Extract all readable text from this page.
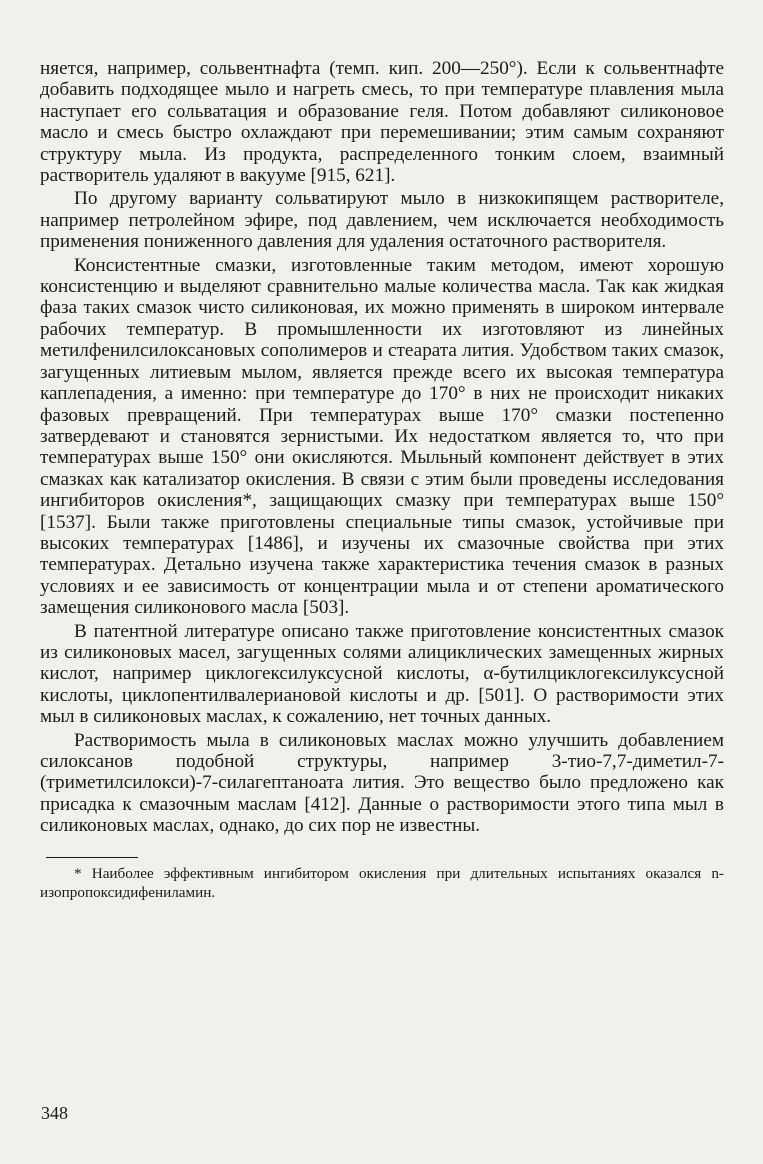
няется, например, сольвентнафта (темп. кип. 200—250°). Если к сольвентнафте добавить подходящее мыло и нагреть смесь, то при температуре плавления мыла наступает его сольватация и образование геля. Потом добавляют силиконовое масло и смесь быстро охлаждают при перемешивании; этим самым сохраняют структуру мыла. Из продукта, распределенного тонким слоем, взаимный растворитель удаляют в вакууме [915, 621].

По другому варианту сольватируют мыло в низкокипящем растворителе, например петролейном эфире, под давлением, чем исключается необходимость применения пониженного давления для удаления остаточного растворителя.

Консистентные смазки, изготовленные таким методом, имеют хорошую консистенцию и выделяют сравнительно малые количества масла. Так как жидкая фаза таких смазок чисто силиконовая, их можно применять в широком интервале рабочих температур. В промышленности их изготовляют из линейных метилфенилсилоксановых сополимеров и стеарата лития. Удобством таких смазок, загущенных литиевым мылом, является прежде всего их высокая температура каплепадения, а именно: при температуре до 170° в них не происходит никаких фазовых превращений. При температурах выше 170° смазки постепенно затвердевают и становятся зернистыми. Их недостатком является то, что при температурах выше 150° они окисляются. Мыльный компонент действует в этих смазках как катализатор окисления. В связи с этим были проведены исследования ингибиторов окисления*, защищающих смазку при температурах выше 150° [1537]. Были также приготовлены специальные типы смазок, устойчивые при высоких температурах [1486], и изучены их смазочные свойства при этих температурах. Детально изучена также характеристика течения смазок в разных условиях и ее зависимость от концентрации мыла и от степени ароматического замещения силиконового масла [503].

В патентной литературе описано также приготовление консистентных смазок из силиконовых масел, загущенных солями алициклических замещенных жирных кислот, например циклогексилуксусной кислоты, α-бутилциклогексилуксусной кислоты, циклопентилвалериановой кислоты и др. [501]. О растворимости этих мыл в силиконовых маслах, к сожалению, нет точных данных.

Растворимость мыла в силиконовых маслах можно улучшить добавлением силоксанов подобной структуры, например 3-тио-7,7-диметил-7-(триметилсилокси)-7-силагептаноата лития. Это вещество было предложено как присадка к смазочным маслам [412]. Данные о растворимости этого типа мыл в силиконовых маслах, однако, до сих пор не известны.

* Наиболее эффективным ингибитором окисления при длительных испытаниях оказался n-изопропоксидифениламин.

348
